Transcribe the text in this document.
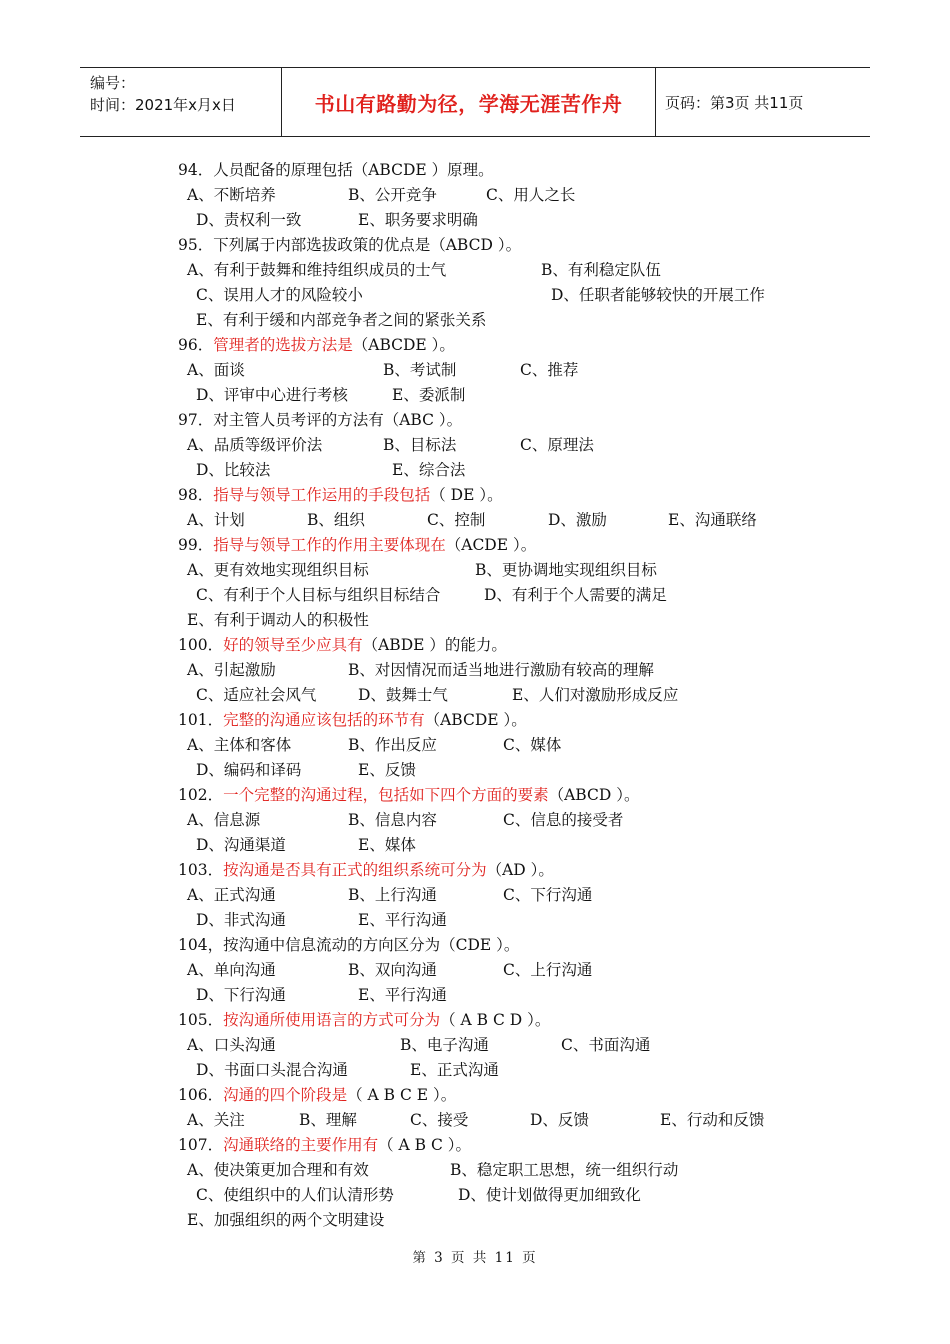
编号：
时间：2021年x月x日	书山有路勤为径，学海无涯苦作舟	页码：第3页 共11页
94．人员配备的原理包括（ABCDE ）原理。
A、不断培养	B、公开竞争	C、用人之长
D、责权利一致	E、职务要求明确
95．下列属于内部选拔政策的优点是（ABCD ）。
A、有利于鼓舞和维持组织成员的士气	B、有利稳定队伍
C、误用人才的风险较小	D、任职者能够较快的开展工作
E、有利于缓和内部竞争者之间的紧张关系
96．管理者的选拔方法是（ABCDE ）。
A、面谈	B、考试制	C、推荐
D、评审中心进行考核	E、委派制
97．对主管人员考评的方法有（ABC ）。
A、品质等级评价法	B、目标法	C、原理法
D、比较法	E、综合法
98．指导与领导工作运用的手段包括（ DE ）。
A、计划	B、组织	C、控制	D、激励	E、沟通联络
99．指导与领导工作的作用主要体现在（ACDE ）。
A、更有效地实现组织目标	B、更协调地实现组织目标
C、有利于个人目标与组织目标结合	D、有利于个人需要的满足
E、有利于调动人的积极性
100．好的领导至少应具有（ABDE ）的能力。
A、引起激励	B、对因情况而适当地进行激励有较高的理解
C、适应社会风气	D、鼓舞士气	E、人们对激励形成反应
101．完整的沟通应该包括的环节有（ABCDE ）。
A、主体和客体	B、作出反应	C、媒体
D、编码和译码	E、反馈
102．一个完整的沟通过程，包括如下四个方面的要素（ABCD ）。
A、信息源	B、信息内容	C、信息的接受者
D、沟通渠道	E、媒体
103．按沟通是否具有正式的组织系统可分为（AD ）。
A、正式沟通	B、上行沟通	C、下行沟通
D、非式沟通	E、平行沟通
104，按沟通中信息流动的方向区分为（CDE ）。
A、单向沟通	B、双向沟通	C、上行沟通
D、下行沟通	E、平行沟通
105．按沟通所使用语言的方式可分为（ A B C D ）。
A、口头沟通	B、电子沟通	C、书面沟通
D、书面口头混合沟通	E、正式沟通
106．沟通的四个阶段是（ A B C E ）。
A、关注	B、理解	C、接受	D、反馈	E、行动和反馈
107．沟通联络的主要作用有（ A B C ）。
A、使决策更加合理和有效	B、稳定职工思想，统一组织行动
C、使组织中的人们认清形势	D、使计划做得更加细致化
E、加强组织的两个文明建设
第 3 页 共 11 页
